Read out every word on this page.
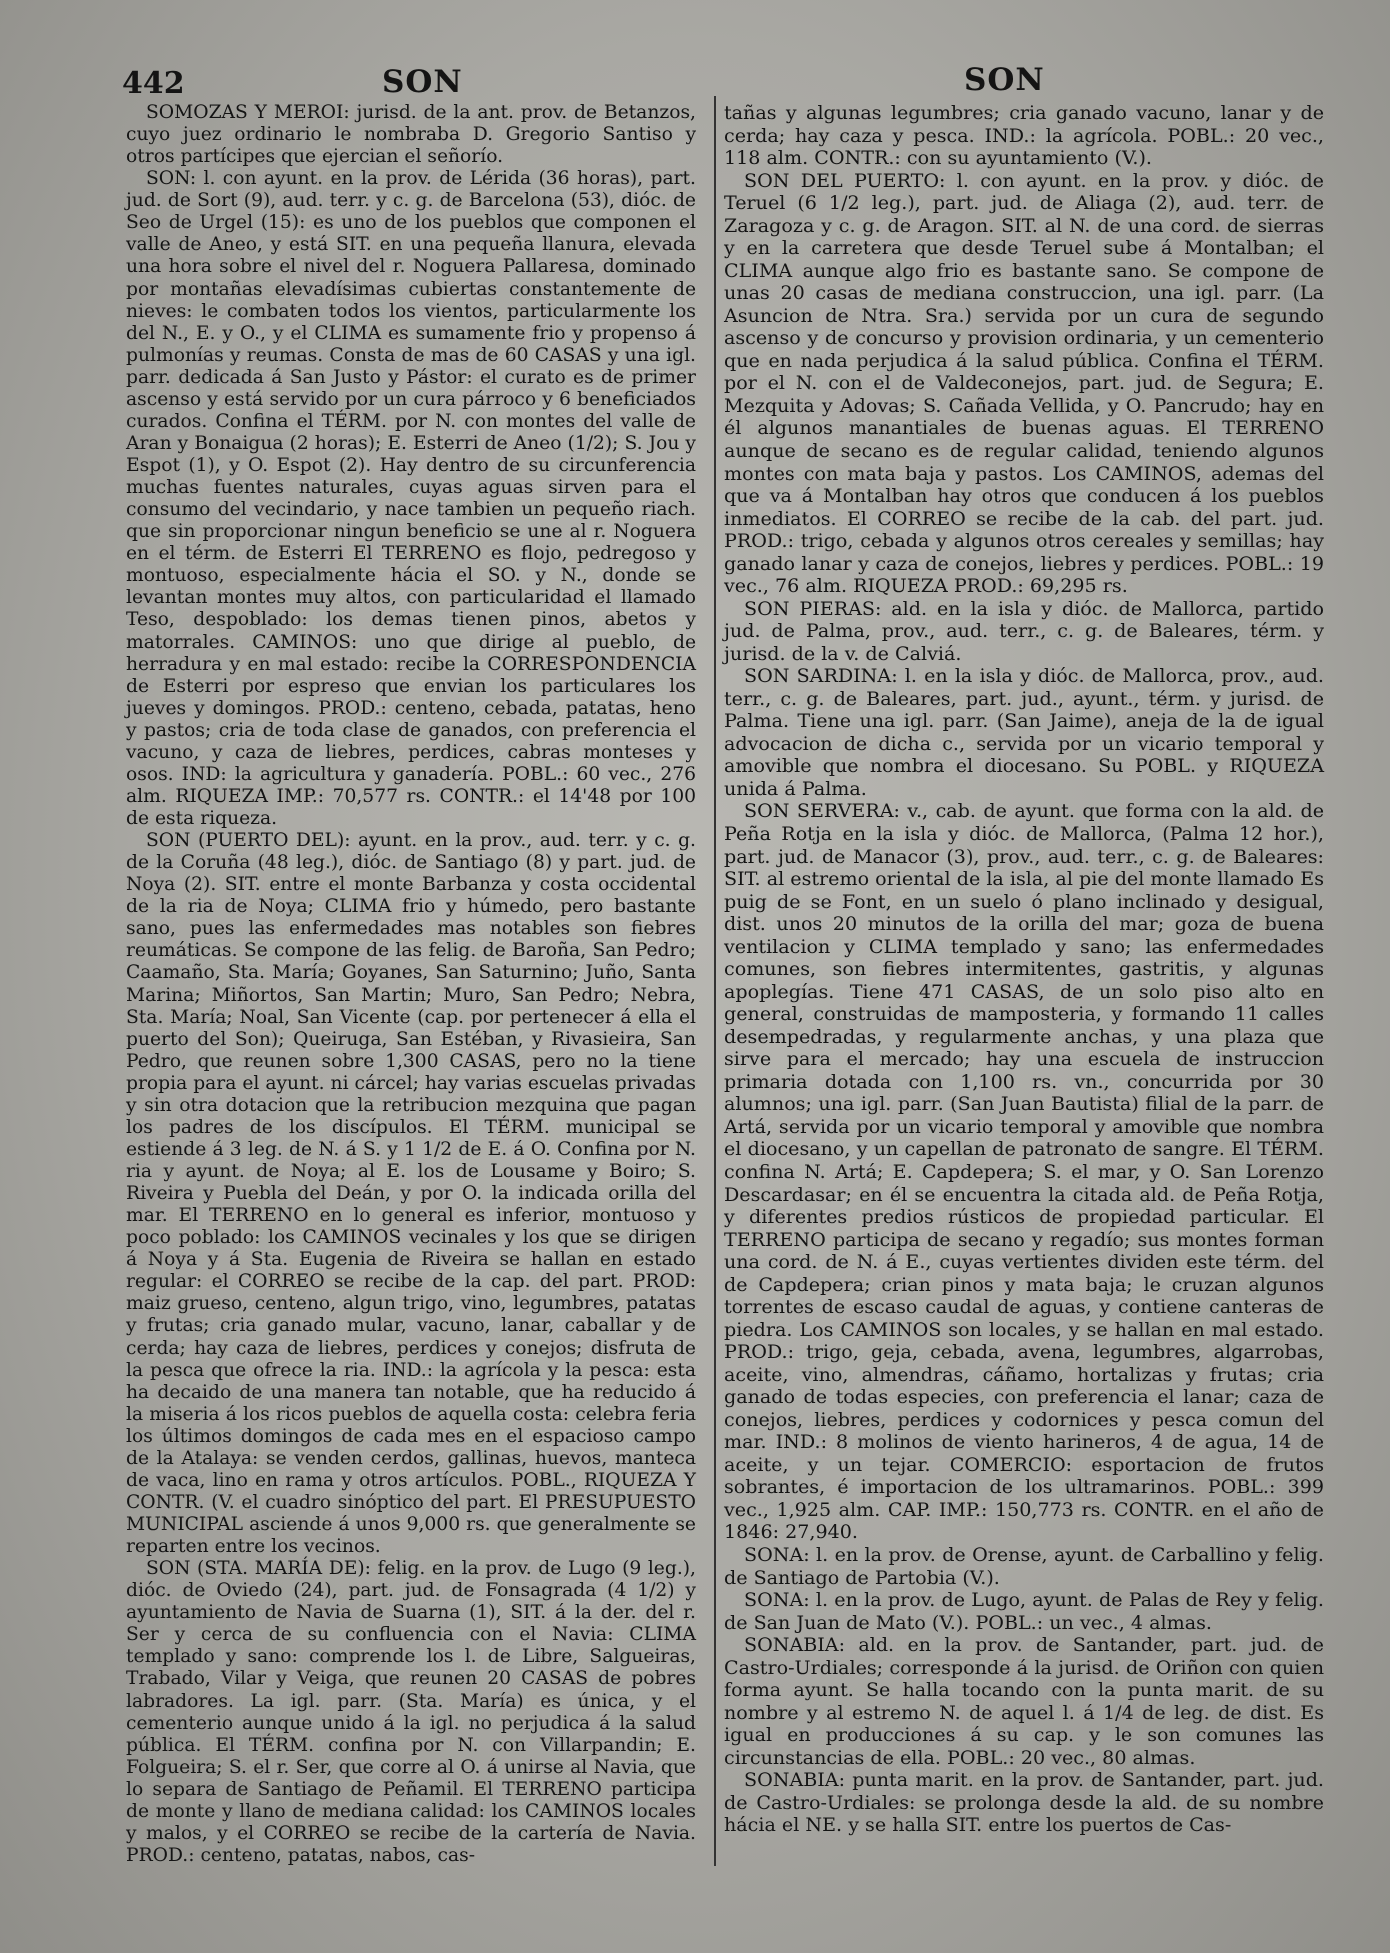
442	SON	SON

SOMOZAS Y MEROI: jurisd. de la ant. prov. de Betanzos, cuyo juez ordinario le nombraba D. Gregorio Santiso y otros partícipes que ejercian el señorío.

SON: l. con ayunt. en la prov. de Lérida (36 horas), part. jud. de Sort (9), aud. terr. y c. g. de Barcelona (53), dióc. de Seo de Urgel (15): es uno de los pueblos que componen el valle de Aneo, y está SIT. en una pequeña llanura, elevada una hora sobre el nivel del r. Noguera Pallaresa, dominado por montañas elevadísimas cubiertas constantemente de nieves: le combaten todos los vientos, particularmente los del N., E. y O., y el CLIMA es sumamente frio y propenso á pulmonías y reumas. Consta de mas de 60 CASAS y una igl. parr. dedicada á San Justo y Pástor: el curato es de primer ascenso y está servido por un cura párroco y 6 beneficiados curados. Confina el TÉRM. por N. con montes del valle de Aran y Bonaigua (2 horas); E. Esterri de Aneo (1/2); S. Jou y Espot (1), y O. Espot (2). Hay dentro de su circunferencia muchas fuentes naturales, cuyas aguas sirven para el consumo del vecindario, y nace tambien un pequeño riach. que sin proporcionar ningun beneficio se une al r. Noguera en el térm. de Esterri El TERRENO es flojo, pedregoso y montuoso, especialmente hácia el SO. y N., donde se levantan montes muy altos, con particularidad el llamado Teso, despoblado: los demas tienen pinos, abetos y matorrales. CAMINOS: uno que dirige al pueblo, de herradura y en mal estado: recibe la CORRESPONDENCIA de Esterri por espreso que envian los particulares los jueves y domingos. PROD.: centeno, cebada, patatas, heno y pastos; cria de toda clase de ganados, con preferencia el vacuno, y caza de liebres, perdices, cabras monteses y osos. IND: la agricultura y ganadería. POBL.: 60 vec., 276 alm. RIQUEZA IMP.: 70,577 rs. CONTR.: el 14'48 por 100 de esta riqueza.

SON (PUERTO DEL): ayunt. en la prov., aud. terr. y c. g. de la Coruña (48 leg.), dióc. de Santiago (8) y part. jud. de Noya (2). SIT. entre el monte Barbanza y costa occidental de la ria de Noya; CLIMA frio y húmedo, pero bastante sano, pues las enfermedades mas notables son fiebres reumáticas. Se compone de las felig. de Baroña, San Pedro; Caamaño, Sta. María; Goyanes, San Saturnino; Juño, Santa Marina; Miñortos, San Martin; Muro, San Pedro; Nebra, Sta. María; Noal, San Vicente (cap. por pertenecer á ella el puerto del Son); Queiruga, San Estéban, y Rivasieira, San Pedro, que reunen sobre 1,300 CASAS, pero no la tiene propia para el ayunt. ni cárcel; hay varias escuelas privadas y sin otra dotacion que la retribucion mezquina que pagan los padres de los discípulos. El TÉRM. municipal se estiende á 3 leg. de N. á S. y 1 1/2 de E. á O. Confina por N. ria y ayunt. de Noya; al E. los de Lousame y Boiro; S. Riveira y Puebla del Deán, y por O. la indicada orilla del mar. El TERRENO en lo general es inferior, montuoso y poco poblado: los CAMINOS vecinales y los que se dirigen á Noya y á Sta. Eugenia de Riveira se hallan en estado regular: el CORREO se recibe de la cap. del part. PROD: maiz grueso, centeno, algun trigo, vino, legumbres, patatas y frutas; cria ganado mular, vacuno, lanar, caballar y de cerda; hay caza de liebres, perdices y conejos; disfruta de la pesca que ofrece la ria. IND.: la agrícola y la pesca: esta ha decaido de una manera tan notable, que ha reducido á la miseria á los ricos pueblos de aquella costa: celebra feria los últimos domingos de cada mes en el espacioso campo de la Atalaya: se venden cerdos, gallinas, huevos, manteca de vaca, lino en rama y otros artículos. POBL., RIQUEZA Y CONTR. (V. el cuadro sinóptico del part. El PRESUPUESTO MUNICIPAL asciende á unos 9,000 rs. que generalmente se reparten entre los vecinos.

SON (STA. MARÍA DE): felig. en la prov. de Lugo (9 leg.), dióc. de Oviedo (24), part. jud. de Fonsagrada (4 1/2) y ayuntamiento de Navia de Suarna (1), SIT. á la der. del r. Ser y cerca de su confluencia con el Navia: CLIMA templado y sano: comprende los l. de Libre, Salgueiras, Trabado, Vilar y Veiga, que reunen 20 CASAS de pobres labradores. La igl. parr. (Sta. María) es única, y el cementerio aunque unido á la igl. no perjudica á la salud pública. El TÉRM. confina por N. con Villarpandin; E. Folgueira; S. el r. Ser, que corre al O. á unirse al Navia, que lo separa de Santiago de Peñamil. El TERRENO participa de monte y llano de mediana calidad: los CAMINOS locales y malos, y el CORREO se recibe de la cartería de Navia. PROD.: centeno, patatas, nabos, cas-

tañas y algunas legumbres; cria ganado vacuno, lanar y de cerda; hay caza y pesca. IND.: la agrícola. POBL.: 20 vec., 118 alm. CONTR.: con su ayuntamiento (V.).

SON DEL PUERTO: l. con ayunt. en la prov. y dióc. de Teruel (6 1/2 leg.), part. jud. de Aliaga (2), aud. terr. de Zaragoza y c. g. de Aragon. SIT. al N. de una cord. de sierras y en la carretera que desde Teruel sube á Montalban; el CLIMA aunque algo frio es bastante sano. Se compone de unas 20 casas de mediana construccion, una igl. parr. (La Asuncion de Ntra. Sra.) servida por un cura de segundo ascenso y de concurso y provision ordinaria, y un cementerio que en nada perjudica á la salud pública. Confina el TÉRM. por el N. con el de Valdeconejos, part. jud. de Segura; E. Mezquita y Adovas; S. Cañada Vellida, y O. Pancrudo; hay en él algunos manantiales de buenas aguas. El TERRENO aunque de secano es de regular calidad, teniendo algunos montes con mata baja y pastos. Los CAMINOS, ademas del que va á Montalban hay otros que conducen á los pueblos inmediatos. El CORREO se recibe de la cab. del part. jud. PROD.: trigo, cebada y algunos otros cereales y semillas; hay ganado lanar y caza de conejos, liebres y perdices. POBL.: 19 vec., 76 alm. RIQUEZA PROD.: 69,295 rs.

SON PIERAS: ald. en la isla y dióc. de Mallorca, partido jud. de Palma, prov., aud. terr., c. g. de Baleares, térm. y jurisd. de la v. de Calviá.

SON SARDINA: l. en la isla y dióc. de Mallorca, prov., aud. terr., c. g. de Baleares, part. jud., ayunt., térm. y jurisd. de Palma. Tiene una igl. parr. (San Jaime), aneja de la de igual advocacion de dicha c., servida por un vicario temporal y amovible que nombra el diocesano. Su POBL. y RIQUEZA unida á Palma.

SON SERVERA: v., cab. de ayunt. que forma con la ald. de Peña Rotja en la isla y dióc. de Mallorca, (Palma 12 hor.), part. jud. de Manacor (3), prov., aud. terr., c. g. de Baleares: SIT. al estremo oriental de la isla, al pie del monte llamado Es puig de se Font, en un suelo ó plano inclinado y desigual, dist. unos 20 minutos de la orilla del mar; goza de buena ventilacion y CLIMA templado y sano; las enfermedades comunes, son fiebres intermitentes, gastritis, y algunas apoplegías. Tiene 471 CASAS, de un solo piso alto en general, construidas de mamposteria, y formando 11 calles desempedradas, y regularmente anchas, y una plaza que sirve para el mercado; hay una escuela de instruccion primaria dotada con 1,100 rs. vn., concurrida por 30 alumnos; una igl. parr. (San Juan Bautista) filial de la parr. de Artá, servida por un vicario temporal y amovible que nombra el diocesano, y un capellan de patronato de sangre. El TÉRM. confina N. Artá; E. Capdepera; S. el mar, y O. San Lorenzo Descardasar; en él se encuentra la citada ald. de Peña Rotja, y diferentes predios rústicos de propiedad particular. El TERRENO participa de secano y regadío; sus montes forman una cord. de N. á E., cuyas vertientes dividen este térm. del de Capdepera; crian pinos y mata baja; le cruzan algunos torrentes de escaso caudal de aguas, y contiene canteras de piedra. Los CAMINOS son locales, y se hallan en mal estado. PROD.: trigo, geja, cebada, avena, legumbres, algarrobas, aceite, vino, almendras, cáñamo, hortalizas y frutas; cria ganado de todas especies, con preferencia el lanar; caza de conejos, liebres, perdices y codornices y pesca comun del mar. IND.: 8 molinos de viento harineros, 4 de agua, 14 de aceite, y un tejar. COMERCIO: esportacion de frutos sobrantes, é importacion de los ultramarinos. POBL.: 399 vec., 1,925 alm. CAP. IMP.: 150,773 rs. CONTR. en el año de 1846: 27,940.

SONA: l. en la prov. de Orense, ayunt. de Carballino y felig. de Santiago de Partobia (V.).

SONA: l. en la prov. de Lugo, ayunt. de Palas de Rey y felig. de San Juan de Mato (V.). POBL.: un vec., 4 almas.

SONABIA: ald. en la prov. de Santander, part. jud. de Castro-Urdiales; corresponde á la jurisd. de Oriñon con quien forma ayunt. Se halla tocando con la punta marit. de su nombre y al estremo N. de aquel l. á 1/4 de leg. de dist. Es igual en producciones á su cap. y le son comunes las circunstancias de ella. POBL.: 20 vec., 80 almas.

SONABIA: punta marit. en la prov. de Santander, part. jud. de Castro-Urdiales: se prolonga desde la ald. de su nombre hácia el NE. y se halla SIT. entre los puertos de Cas-
